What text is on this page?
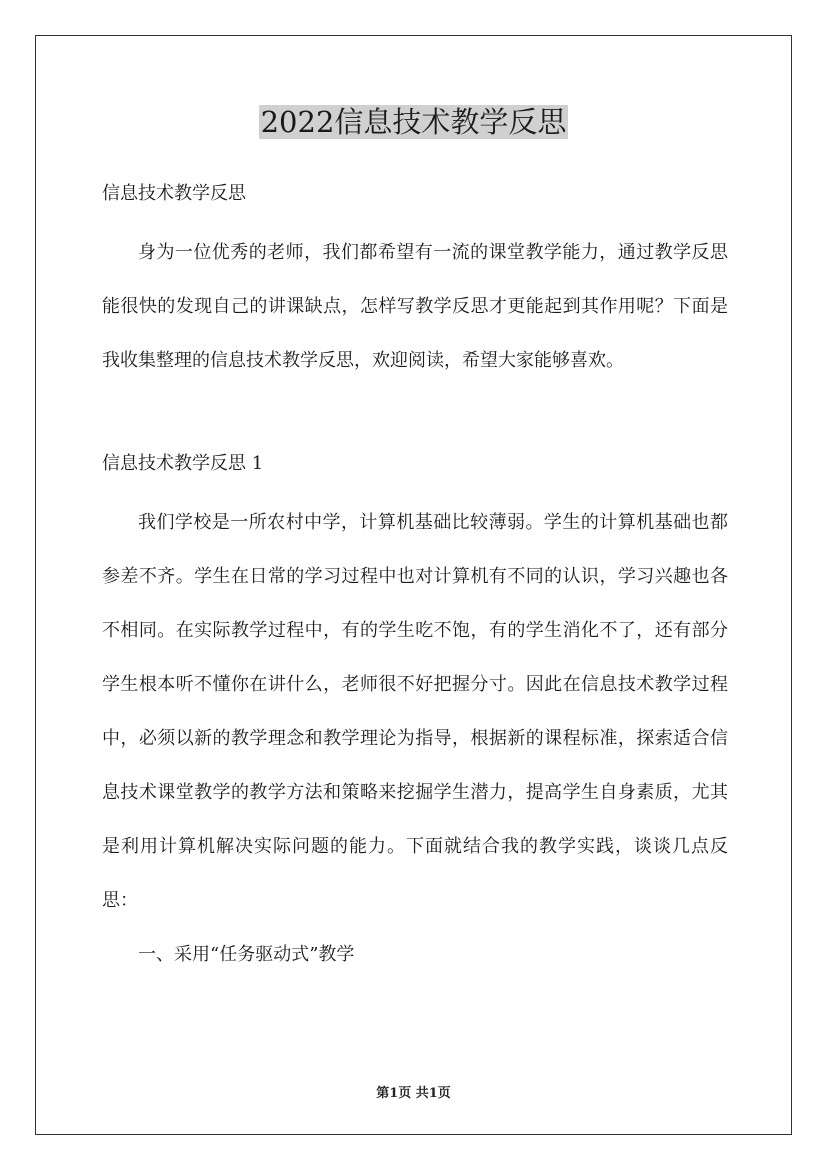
2022信息技术教学反思

信息技术教学反思

身为一位优秀的老师，我们都希望有一流的课堂教学能力，通过教学反思能很快的发现自己的讲课缺点，怎样写教学反思才更能起到其作用呢？下面是我收集整理的信息技术教学反思，欢迎阅读，希望大家能够喜欢。

信息技术教学反思 1

我们学校是一所农村中学，计算机基础比较薄弱。学生的计算机基础也都参差不齐。学生在日常的学习过程中也对计算机有不同的认识，学习兴趣也各不相同。在实际教学过程中，有的学生吃不饱，有的学生消化不了，还有部分学生根本听不懂你在讲什么，老师很不好把握分寸。因此在信息技术教学过程中，必须以新的教学理念和教学理论为指导，根据新的课程标准，探索适合信息技术课堂教学的教学方法和策略来挖掘学生潜力，提高学生自身素质，尤其是利用计算机解决实际问题的能力。下面就结合我的教学实践，谈谈几点反思：

一、采用“任务驱动式”教学

第1页 共1页
